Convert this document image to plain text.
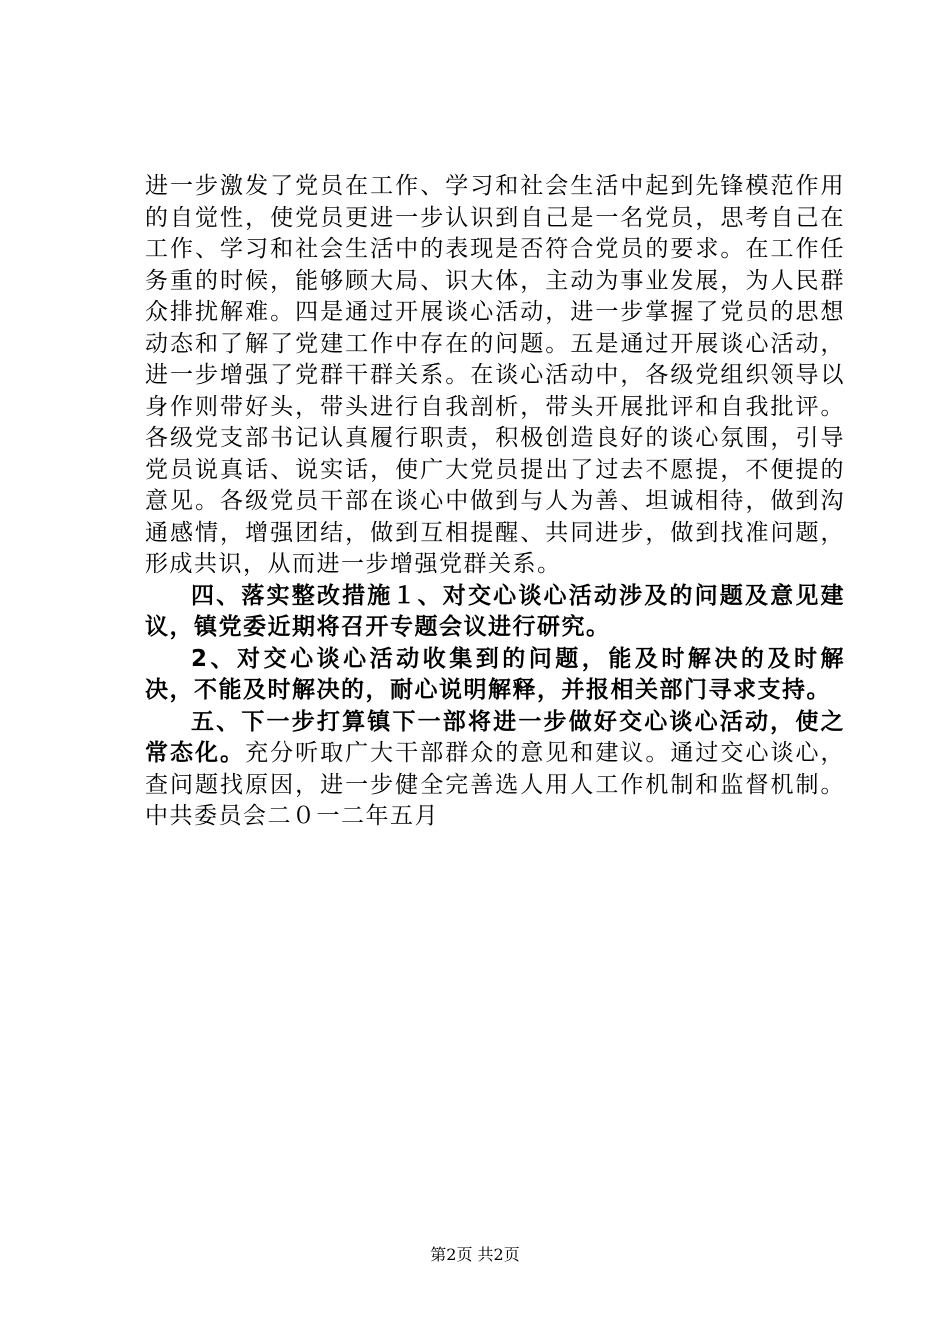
进一步激发了党员在工作、学习和社会生活中起到先锋模范作用的自觉性，使党员更进一步认识到自己是一名党员，思考自己在工作、学习和社会生活中的表现是否符合党员的要求。在工作任务重的时候，能够顾大局、识大体，主动为事业发展，为人民群众排扰解难。四是通过开展谈心活动，进一步掌握了党员的思想动态和了解了党建工作中存在的问题。五是通过开展谈心活动，进一步增强了党群干群关系。在谈心活动中，各级党组织领导以身作则带好头，带头进行自我剖析，带头开展批评和自我批评。各级党支部书记认真履行职责，积极创造良好的谈心氛围，引导党员说真话、说实话，使广大党员提出了过去不愿提，不便提的意见。各级党员干部在谈心中做到与人为善、坦诚相待，做到沟通感情，增强团结，做到互相提醒、共同进步，做到找准问题，形成共识，从而进一步增强党群关系。

四、落实整改措施１、对交心谈心活动涉及的问题及意见建议，镇党委近期将召开专题会议进行研究。

2、对交心谈心活动收集到的问题，能及时解决的及时解决，不能及时解决的，耐心说明解释，并报相关部门寻求支持。

五、下一步打算镇下一部将进一步做好交心谈心活动，使之常态化。充分听取广大干部群众的意见和建议。通过交心谈心，查问题找原因，进一步健全完善选人用人工作机制和监督机制。中共委员会二０一二年五月

第2页 共2页
